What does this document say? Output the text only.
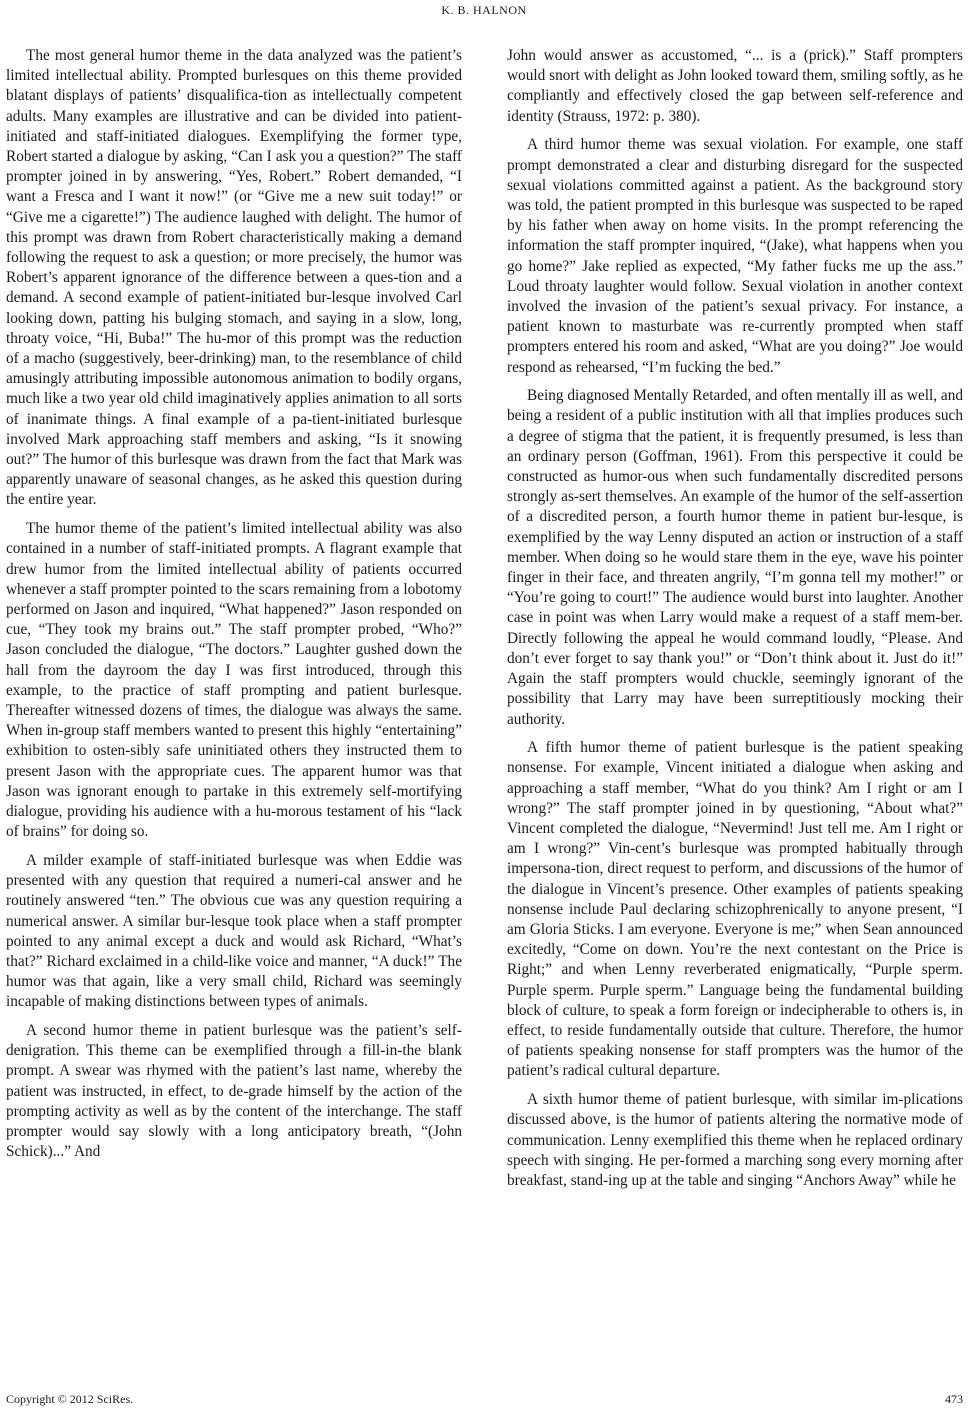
K. B. HALNON

The most general humor theme in the data analyzed was the patient’s limited intellectual ability. Prompted burlesques on this theme provided blatant displays of patients’ disqualifica-tion as intellectually competent adults. Many examples are illustrative and can be divided into patient-initiated and staff-initiated dialogues. Exemplifying the former type, Robert started a dialogue by asking, “Can I ask you a question?” The staff prompter joined in by answering, “Yes, Robert.” Robert demanded, “I want a Fresca and I want it now!” (or “Give me a new suit today!” or “Give me a cigarette!”) The audience laughed with delight. The humor of this prompt was drawn from Robert characteristically making a demand following the request to ask a question; or more precisely, the humor was Robert’s apparent ignorance of the difference between a ques-tion and a demand. A second example of patient-initiated bur-lesque involved Carl looking down, patting his bulging stomach, and saying in a slow, long, throaty voice, “Hi, Buba!” The hu-mor of this prompt was the reduction of a macho (suggestively, beer-drinking) man, to the resemblance of child amusingly attributing impossible autonomous animation to bodily organs, much like a two year old child imaginatively applies animation to all sorts of inanimate things. A final example of a pa-tient-initiated burlesque involved Mark approaching staff members and asking, “Is it snowing out?” The humor of this burlesque was drawn from the fact that Mark was apparently unaware of seasonal changes, as he asked this question during the entire year.

The humor theme of the patient’s limited intellectual ability was also contained in a number of staff-initiated prompts. A flagrant example that drew humor from the limited intellectual ability of patients occurred whenever a staff prompter pointed to the scars remaining from a lobotomy performed on Jason and inquired, “What happened?” Jason responded on cue, “They took my brains out.” The staff prompter probed, “Who?” Jason concluded the dialogue, “The doctors.” Laughter gushed down the hall from the dayroom the day I was first introduced, through this example, to the practice of staff prompting and patient burlesque. Thereafter witnessed dozens of times, the dialogue was always the same. When in-group staff members wanted to present this highly “entertaining” exhibition to osten-sibly safe uninitiated others they instructed them to present Jason with the appropriate cues. The apparent humor was that Jason was ignorant enough to partake in this extremely self-mortifying dialogue, providing his audience with a hu-morous testament of his “lack of brains” for doing so.

A milder example of staff-initiated burlesque was when Eddie was presented with any question that required a numeri-cal answer and he routinely answered “ten.” The obvious cue was any question requiring a numerical answer. A similar bur-lesque took place when a staff prompter pointed to any animal except a duck and would ask Richard, “What’s that?” Richard exclaimed in a child-like voice and manner, “A duck!” The humor was that again, like a very small child, Richard was seemingly incapable of making distinctions between types of animals.

A second humor theme in patient burlesque was the patient’s self-denigration. This theme can be exemplified through a fill-in-the blank prompt. A swear was rhymed with the patient’s last name, whereby the patient was instructed, in effect, to de-grade himself by the action of the prompting activity as well as by the content of the interchange. The staff prompter would say slowly with a long anticipatory breath, “(John Schick)...” And

John would answer as accustomed, “... is a (prick).” Staff prompters would snort with delight as John looked toward them, smiling softly, as he compliantly and effectively closed the gap between self-reference and identity (Strauss, 1972: p. 380).

A third humor theme was sexual violation. For example, one staff prompt demonstrated a clear and disturbing disregard for the suspected sexual violations committed against a patient. As the background story was told, the patient prompted in this burlesque was suspected to be raped by his father when away on home visits. In the prompt referencing the information the staff prompter inquired, “(Jake), what happens when you go home?” Jake replied as expected, “My father fucks me up the ass.” Loud throaty laughter would follow. Sexual violation in another context involved the invasion of the patient’s sexual privacy. For instance, a patient known to masturbate was re-currently prompted when staff prompters entered his room and asked, “What are you doing?” Joe would respond as rehearsed, “I’m fucking the bed.”

Being diagnosed Mentally Retarded, and often mentally ill as well, and being a resident of a public institution with all that implies produces such a degree of stigma that the patient, it is frequently presumed, is less than an ordinary person (Goffman, 1961). From this perspective it could be constructed as humor-ous when such fundamentally discredited persons strongly as-sert themselves. An example of the humor of the self-assertion of a discredited person, a fourth humor theme in patient bur-lesque, is exemplified by the way Lenny disputed an action or instruction of a staff member. When doing so he would stare them in the eye, wave his pointer finger in their face, and threaten angrily, “I’m gonna tell my mother!” or “You’re going to court!” The audience would burst into laughter. Another case in point was when Larry would make a request of a staff mem-ber. Directly following the appeal he would command loudly, “Please. And don’t ever forget to say thank you!” or “Don’t think about it. Just do it!” Again the staff prompters would chuckle, seemingly ignorant of the possibility that Larry may have been surreptitiously mocking their authority.

A fifth humor theme of patient burlesque is the patient speaking nonsense. For example, Vincent initiated a dialogue when asking and approaching a staff member, “What do you think? Am I right or am I wrong?” The staff prompter joined in by questioning, “About what?” Vincent completed the dialogue, “Nevermind! Just tell me. Am I right or am I wrong?” Vin-cent’s burlesque was prompted habitually through impersona-tion, direct request to perform, and discussions of the humor of the dialogue in Vincent’s presence. Other examples of patients speaking nonsense include Paul declaring schizophrenically to anyone present, “I am Gloria Sticks. I am everyone. Everyone is me;” when Sean announced excitedly, “Come on down. You’re the next contestant on the Price is Right;” and when Lenny reverberated enigmatically, “Purple sperm. Purple sperm. Purple sperm.” Language being the fundamental building block of culture, to speak a form foreign or indecipherable to others is, in effect, to reside fundamentally outside that culture. Therefore, the humor of patients speaking nonsense for staff prompters was the humor of the patient’s radical cultural departure.

A sixth humor theme of patient burlesque, with similar im-plications discussed above, is the humor of patients altering the normative mode of communication. Lenny exemplified this theme when he replaced ordinary speech with singing. He per-formed a marching song every morning after breakfast, stand-ing up at the table and singing “Anchors Away” while he

Copyright © 2012 SciRes.	473
